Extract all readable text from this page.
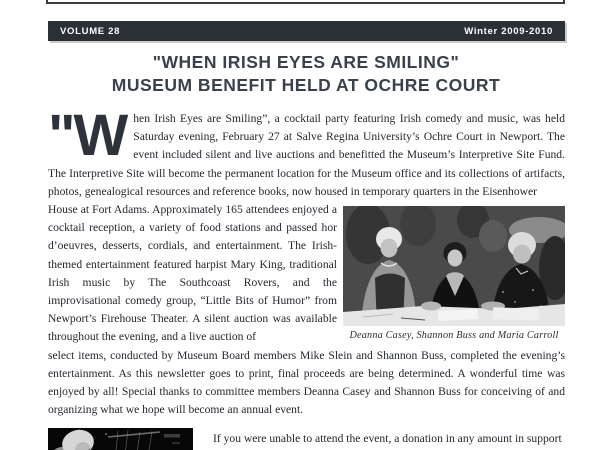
VOLUME 28	Winter 2009-2010
"WHEN IRISH EYES ARE SMILING"
MUSEUM BENEFIT HELD AT OCHRE COURT
"When Irish Eyes are Smiling”, a cocktail party featuring Irish comedy and music, was held Saturday evening, February 27 at Salve Regina University’s Ochre Court in Newport. The event included silent and live auctions and benefitted the Museum’s Interpretive Site Fund. The Interpretive Site will become the permanent location for the Museum office and its collections of artifacts, photos, genealogical resources and reference books, now housed in temporary quarters in the Eisenhower
House at Fort Adams. Approximately 165 attendees enjoyed a cocktail reception, a variety of food stations and passed hor d’oeuvres, desserts, cordials, and entertainment. The Irish-themed entertainment featured harpist Mary King, traditional Irish music by The Southcoast Rovers, and the improvisational comedy group, “Little Bits of Humor” from Newport’s Firehouse Theater. A silent auction was available throughout the evening, and a live auction of	Deanna Casey, Shannon Buss and Maria Carroll
select items, conducted by Museum Board members Mike Slein and Shannon Buss, completed the evening’s entertainment. As this newsletter goes to print, final proceeds are being determined. A wonderful time was enjoyed by all! Special thanks to committee members Deanna Casey and Shannon Buss for conceiving of and organizing what we hope will become an annual event.
If you were unable to attend the event, a donation in any amount in support
